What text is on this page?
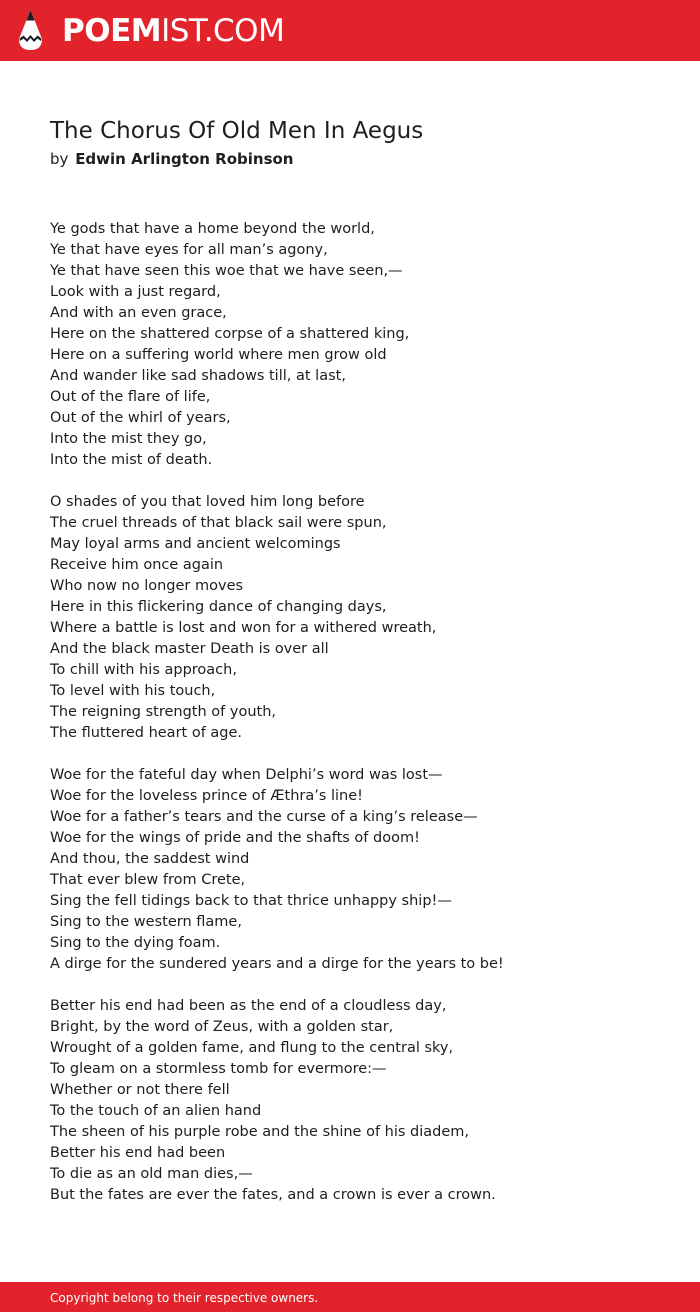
POEMIST.COM
The Chorus Of Old Men In Aegus
by Edwin Arlington Robinson
Ye gods that have a home beyond the world,
Ye that have eyes for all man’s agony,
Ye that have seen this woe that we have seen,—
Look with a just regard,
And with an even grace,
Here on the shattered corpse of a shattered king,
Here on a suffering world where men grow old
And wander like sad shadows till, at last,
Out of the flare of life,
Out of the whirl of years,
Into the mist they go,
Into the mist of death.
O shades of you that loved him long before
The cruel threads of that black sail were spun,
May loyal arms and ancient welcomings
Receive him once again
Who now no longer moves
Here in this flickering dance of changing days,
Where a battle is lost and won for a withered wreath,
And the black master Death is over all
To chill with his approach,
To level with his touch,
The reigning strength of youth,
The fluttered heart of age.
Woe for the fateful day when Delphi’s word was lost—
Woe for the loveless prince of Æthra’s line!
Woe for a father’s tears and the curse of a king’s release—
Woe for the wings of pride and the shafts of doom!
And thou, the saddest wind
That ever blew from Crete,
Sing the fell tidings back to that thrice unhappy ship!—
Sing to the western flame,
Sing to the dying foam.
A dirge for the sundered years and a dirge for the years to be!
Better his end had been as the end of a cloudless day,
Bright, by the word of Zeus, with a golden star,
Wrought of a golden fame, and flung to the central sky,
To gleam on a stormless tomb for evermore:—
Whether or not there fell
To the touch of an alien hand
The sheen of his purple robe and the shine of his diadem,
Better his end had been
To die as an old man dies,—
But the fates are ever the fates, and a crown is ever a crown.
Copyright belong to their respective owners.
